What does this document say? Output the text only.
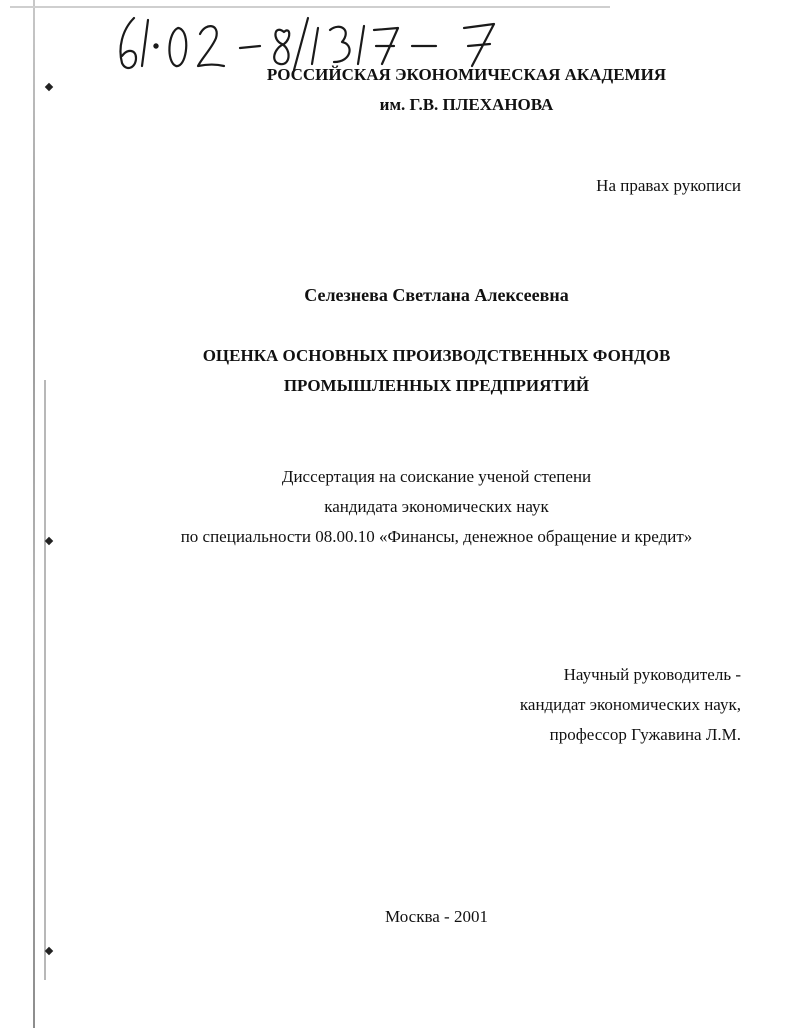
РОССИЙСКАЯ ЭКОНОМИЧЕСКАЯ АКАДЕМИЯ
им. Г.В. ПЛЕХАНОВА
На правах рукописи
Селезнева Светлана Алексеевна
ОЦЕНКА ОСНОВНЫХ ПРОИЗВОДСТВЕННЫХ ФОНДОВ
ПРОМЫШЛЕННЫХ ПРЕДПРИЯТИЙ
Диссертация на соискание ученой степени
кандидата экономических наук
по специальности 08.00.10 «Финансы, денежное обращение и кредит»
Научный руководитель -
кандидат экономических наук,
профессор Гужавина Л.М.
Москва - 2001
